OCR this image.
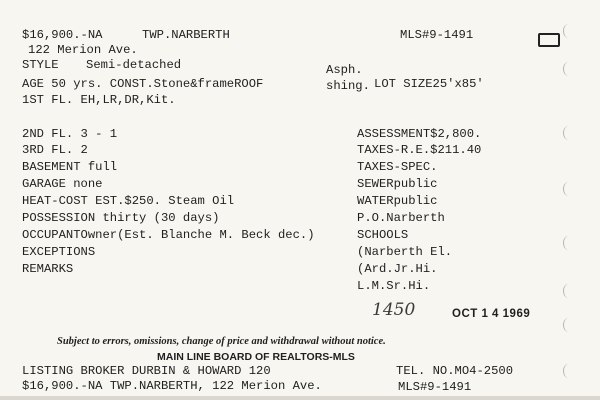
$16,900.-NA	TWP.NARBERTH	MLS#9-1491
122 Merion Ave.
STYLE Semi-detached	Asph.
AGE 50 yrs. CONST.Stone&frameROOF	shing. LOT SIZE25'x85'
1ST FL. EH,LR,DR,Kit.
2ND FL. 3 - 1
3RD FL. 2
BASEMENT full
GARAGE none
HEAT-COST EST.$250. Steam Oil
POSSESSION thirty (30 days)
OCCUPANTOwner(Est. Blanche M. Beck dec.)
EXCEPTIONS
REMARKS
ASSESSMENT$2,800.
TAXES-R.E.$211.40
TAXES-SPEC.
SEWERpublic
WATERpublic
P.O.Narberth
SCHOOLS
(Narberth El.
(Ard.Jr.Hi.
L.M.Sr.Hi.
1450	OCT 1 4 1969
Subject to errors, omissions, change of price and withdrawal without notice.
MAIN LINE BOARD OF REALTORS-MLS
LISTING BROKER DURBIN & HOWARD 120	TEL. NO.MO4-2500
$16,900.-NA TWP.NARBERTH, 122 Merion Ave.	MLS#9-1491
